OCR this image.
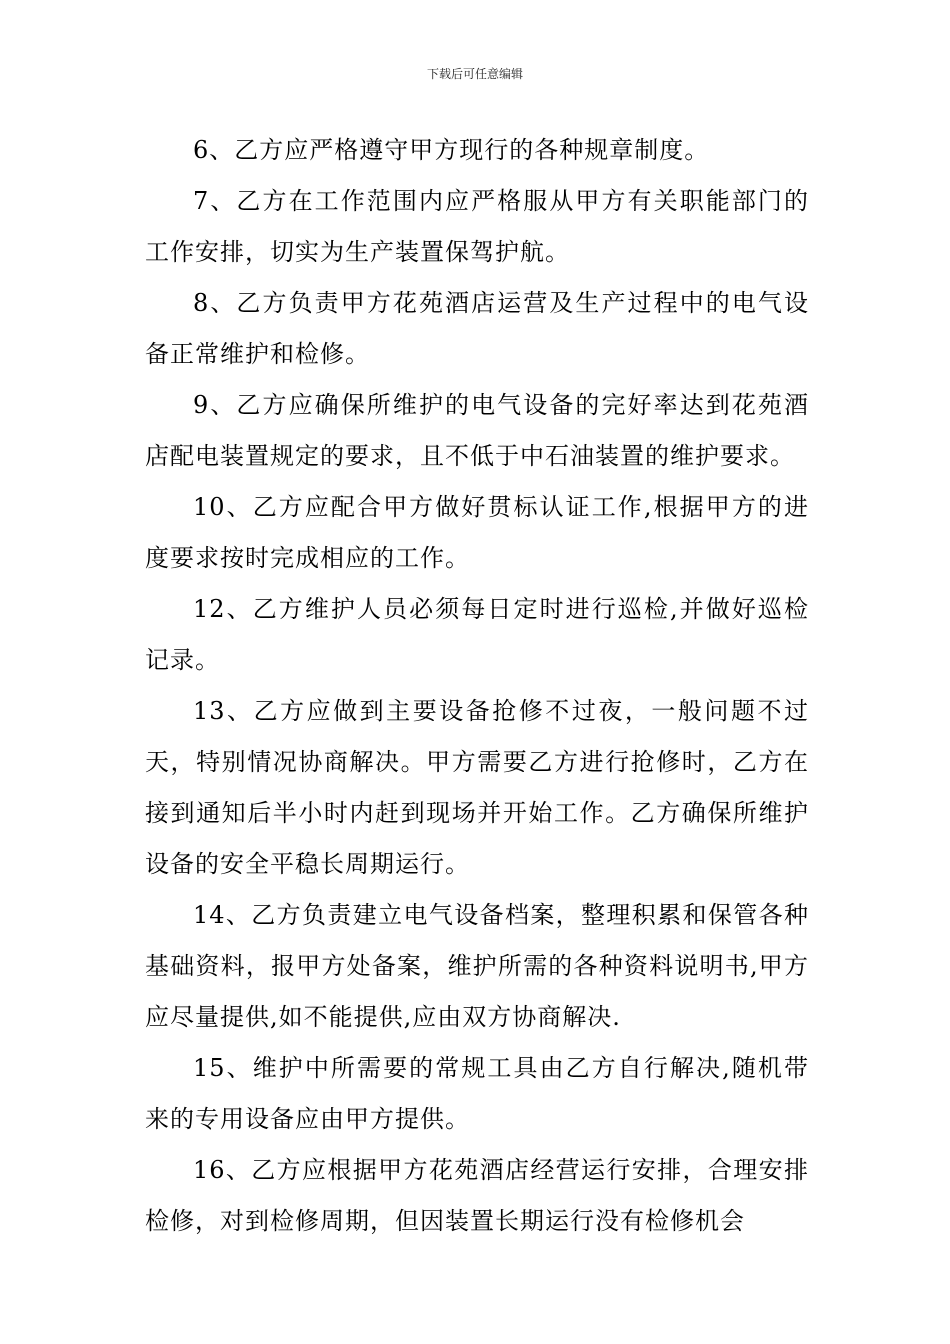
下载后可任意编辑

6、乙方应严格遵守甲方现行的各种规章制度。

7、乙方在工作范围内应严格服从甲方有关职能部门的工作安排，切实为生产装置保驾护航。

8、乙方负责甲方花苑酒店运营及生产过程中的电气设备正常维护和检修。

9、乙方应确保所维护的电气设备的完好率达到花苑酒店配电装置规定的要求，且不低于中石油装置的维护要求。

10、乙方应配合甲方做好贯标认证工作,根据甲方的进度要求按时完成相应的工作。

12、乙方维护人员必须每日定时进行巡检,并做好巡检记录。

13、乙方应做到主要设备抢修不过夜，一般问题不过天，特别情况协商解决。甲方需要乙方进行抢修时，乙方在接到通知后半小时内赶到现场并开始工作。乙方确保所维护设备的安全平稳长周期运行。

14、乙方负责建立电气设备档案，整理积累和保管各种基础资料，报甲方处备案，维护所需的各种资料说明书,甲方应尽量提供,如不能提供,应由双方协商解决.

15、维护中所需要的常规工具由乙方自行解决,随机带来的专用设备应由甲方提供。

16、乙方应根据甲方花苑酒店经营运行安排，合理安排检修，对到检修周期，但因装置长期运行没有检修机会
